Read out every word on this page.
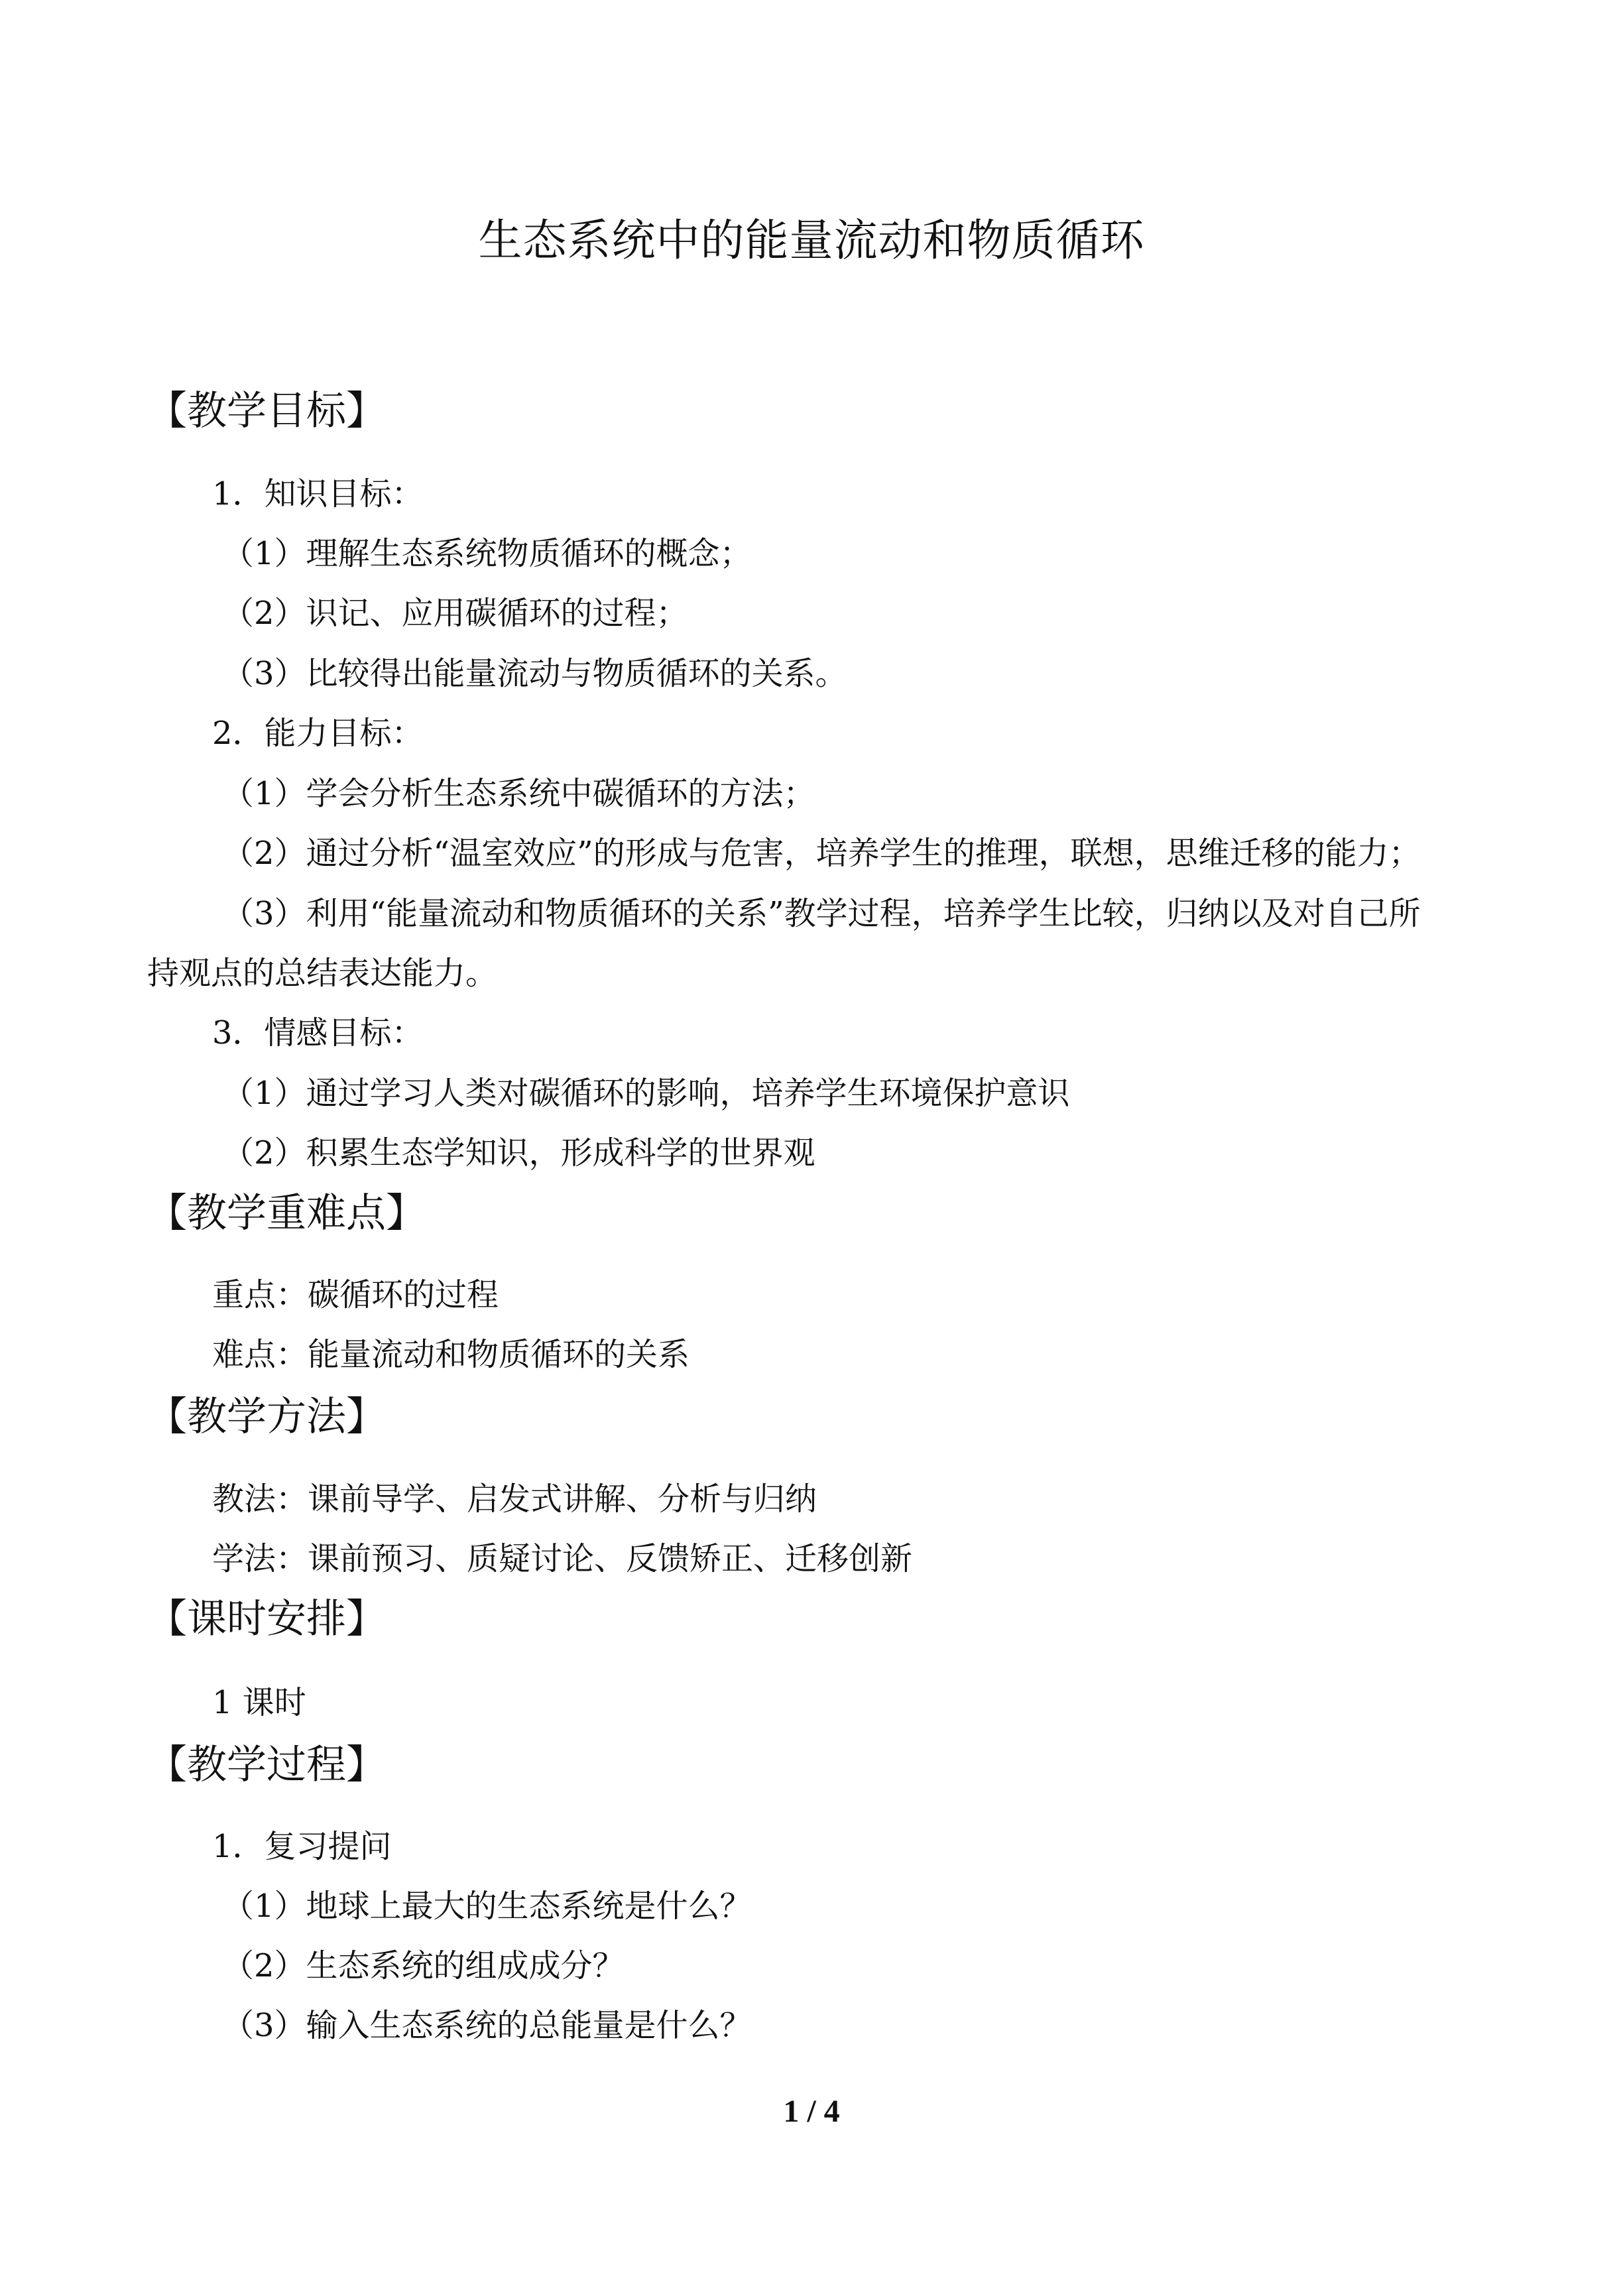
生态系统中的能量流动和物质循环
【教学目标】
1．知识目标：
（1）理解生态系统物质循环的概念；
（2）识记、应用碳循环的过程；
（3）比较得出能量流动与物质循环的关系。
2．能力目标：
（1）学会分析生态系统中碳循环的方法；
（2）通过分析“温室效应”的形成与危害，培养学生的推理，联想，思维迁移的能力；
（3）利用“能量流动和物质循环的关系”教学过程，培养学生比较，归纳以及对自己所
持观点的总结表达能力。
3．情感目标：
（1）通过学习人类对碳循环的影响，培养学生环境保护意识
（2）积累生态学知识，形成科学的世界观
【教学重难点】
重点：碳循环的过程
难点：能量流动和物质循环的关系
【教学方法】
教法：课前导学、启发式讲解、分析与归纳
学法：课前预习、质疑讨论、反馈矫正、迁移创新
【课时安排】
1 课时
【教学过程】
1．复习提问
（1）地球上最大的生态系统是什么？
（2）生态系统的组成成分？
（3）输入生态系统的总能量是什么？
1 / 4
